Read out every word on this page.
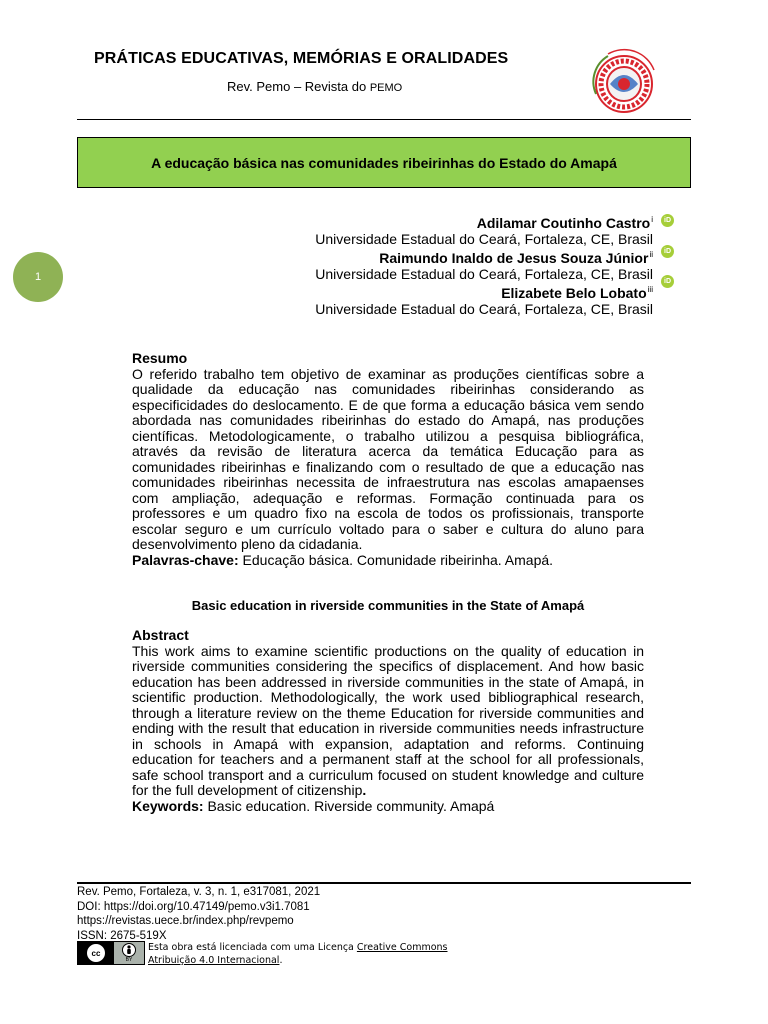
PRÁTICAS EDUCATIVAS, MEMÓRIAS E ORALIDADES
Rev. Pemo – Revista do PEMO
A educação básica nas comunidades ribeirinhas do Estado do Amapá
Adilamar Coutinho Castro$^i$
Universidade Estadual do Ceará, Fortaleza, CE, Brasil
Raimundo Inaldo de Jesus Souza Júnior$^{ii}$
Universidade Estadual do Ceará, Fortaleza, CE, Brasil
Elizabete Belo Lobato$^{iii}$
Universidade Estadual do Ceará, Fortaleza, CE, Brasil
iD
iD
iD
1
Resumo

O referido trabalho tem objetivo de examinar as produções científicas sobre a qualidade da educação nas comunidades ribeirinhas considerando as especificidades do deslocamento. E de que forma a educação básica vem sendo abordada nas comunidades ribeirinhas do estado do Amapá, nas produções científicas. Metodologicamente, o trabalho utilizou a pesquisa bibliográfica, através da revisão de literatura acerca da temática Educação para as comunidades ribeirinhas e finalizando com o resultado de que a educação nas comunidades ribeirinhas necessita de infraestrutura nas escolas amapaenses com ampliação, adequação e reformas. Formação continuada para os professores e um quadro fixo na escola de todos os profissionais, transporte escolar seguro e um currículo voltado para o saber e cultura do aluno para desenvolvimento pleno da cidadania.

Palavras-chave: Educação básica. Comunidade ribeirinha. Amapá.

Basic education in riverside communities in the State of Amapá
Abstract

This work aims to examine scientific productions on the quality of education in riverside communities considering the specifics of displacement. And how basic education has been addressed in riverside communities in the state of Amapá, in scientific production. Methodologically, the work used bibliographical research, through a literature review on the theme Education for riverside communities and ending with the result that education in riverside communities needs infrastructure in schools in Amapá with expansion, adaptation and reforms. Continuing education for teachers and a permanent staff at the school for all professionals, safe school transport and a curriculum focused on student knowledge and culture for the full development of citizenship.

Keywords: Basic education. Riverside community. Amapá

Rev. Pemo, Fortaleza, v. 3, n. 1, e317081, 2021
DOI: https://doi.org/10.47149/pemo.v3i1.7081
https://revistas.uece.br/index.php/revpemo
ISSN: 2675-519X
cc
BY
Esta obra está licenciada com uma Licença Creative Commons
Atribuição 4.0 Internacional.
